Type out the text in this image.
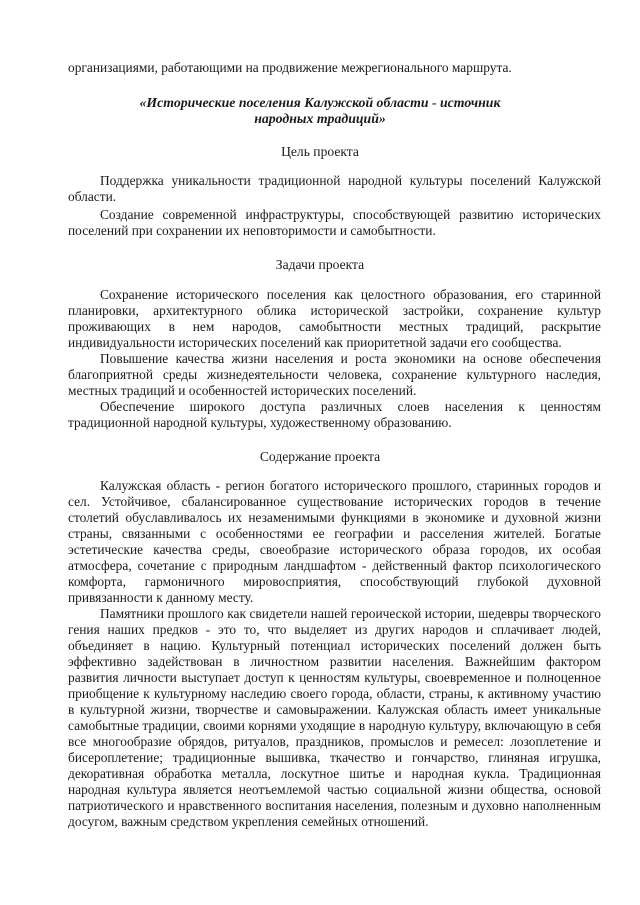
организациями, работающими на продвижение межрегионального маршрута.
«Исторические поселения Калужской области - источник
народных традиций»
Цель проекта
Поддержка уникальности традиционной народной культуры поселений Калужской области.
Создание современной инфраструктуры, способствующей развитию исторических поселений при сохранении их неповторимости и самобытности.
Задачи проекта
Сохранение исторического поселения как целостного образования, его старинной планировки, архитектурного облика исторической застройки, сохранение культур проживающих в нем народов, самобытности местных традиций, раскрытие индивидуальности исторических поселений как приоритетной задачи его сообщества.
Повышение качества жизни населения и роста экономики на основе обеспечения благоприятной среды жизнедеятельности человека, сохранение культурного наследия, местных традиций и особенностей исторических поселений.
Обеспечение широкого доступа различных слоев населения к ценностям традиционной народной культуры, художественному образованию.
Содержание проекта
Калужская область - регион богатого исторического прошлого, старинных городов и сел. Устойчивое, сбалансированное существование исторических городов в течение столетий обуславливалось их незаменимыми функциями в экономике и духовной жизни страны, связанными с особенностями ее географии и расселения жителей. Богатые эстетические качества среды, своеобразие исторического образа городов, их особая атмосфера, сочетание с природным ландшафтом - действенный фактор психологического комфорта, гармоничного мировосприятия, способствующий глубокой духовной привязанности к данному месту.
Памятники прошлого как свидетели нашей героической истории, шедевры творческого гения наших предков - это то, что выделяет из других народов и сплачивает людей, объединяет в нацию. Культурный потенциал исторических поселений должен быть эффективно задействован в личностном развитии населения. Важнейшим фактором развития личности выступает доступ к ценностям культуры, своевременное и полноценное приобщение к культурному наследию своего города, области, страны, к активному участию в культурной жизни, творчестве и самовыражении. Калужская область имеет уникальные самобытные традиции, своими корнями уходящие в народную культуру, включающую в себя все многообразие обрядов, ритуалов, праздников, промыслов и ремесел: лозоплетение и бисероплетение; традиционные вышивка, ткачество и гончарство, глиняная игрушка, декоративная обработка металла, лоскутное шитье и народная кукла. Традиционная народная культура является неотъемлемой частью социальной жизни общества, основой патриотического и нравственного воспитания населения, полезным и духовно наполненным досугом, важным средством укрепления семейных отношений.
